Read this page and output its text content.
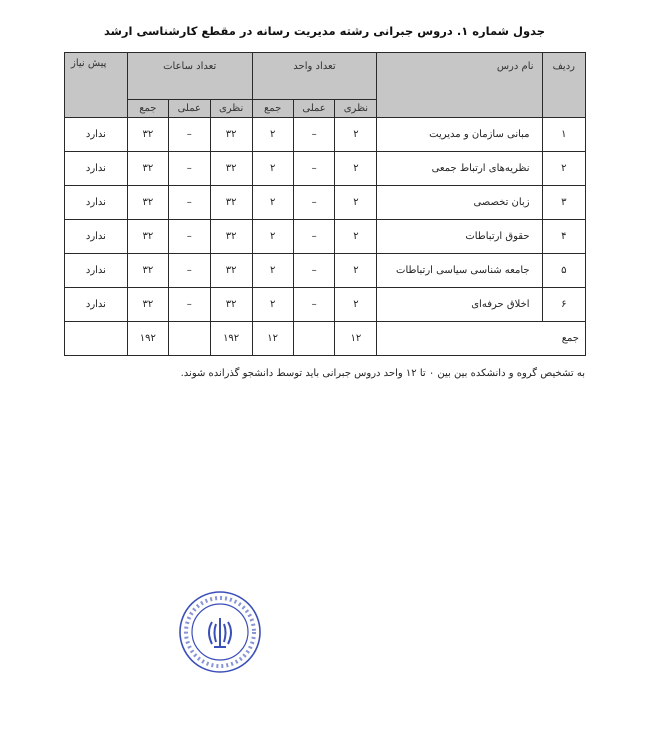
جدول شماره ۱. دروس جبرانی رشته مدیریت رسانه در مقطع کارشناسی ارشد
ردیف	نام درس	تعداد واحد			تعداد ساعات			پیش نیاز
		نظری	عملی	جمع	نظری	عملی	جمع	
۱	مبانی سازمان و مدیریت	۲	–	۲	۳۲	–	۳۲	ندارد
۲	نظریه‌های ارتباط جمعی	۲	–	۲	۳۲	–	۳۲	ندارد
۳	زبان تخصصی	۲	–	۲	۳۲	–	۳۲	ندارد
۴	حقوق ارتباطات	۲	–	۲	۳۲	–	۳۲	ندارد
۵	جامعه شناسی سیاسی ارتباطات	۲	–	۲	۳۲	–	۳۲	ندارد
۶	اخلاق حرفه‌ای	۲	–	۲	۳۲	–	۳۲	ندارد
جمع		۱۲		۱۲	۱۹۲		۱۹۲	
به تشخیص گروه و دانشکده بین بین ۰ تا ۱۲ واحد دروس جبرانی باید توسط دانشجو گذرانده شوند.
